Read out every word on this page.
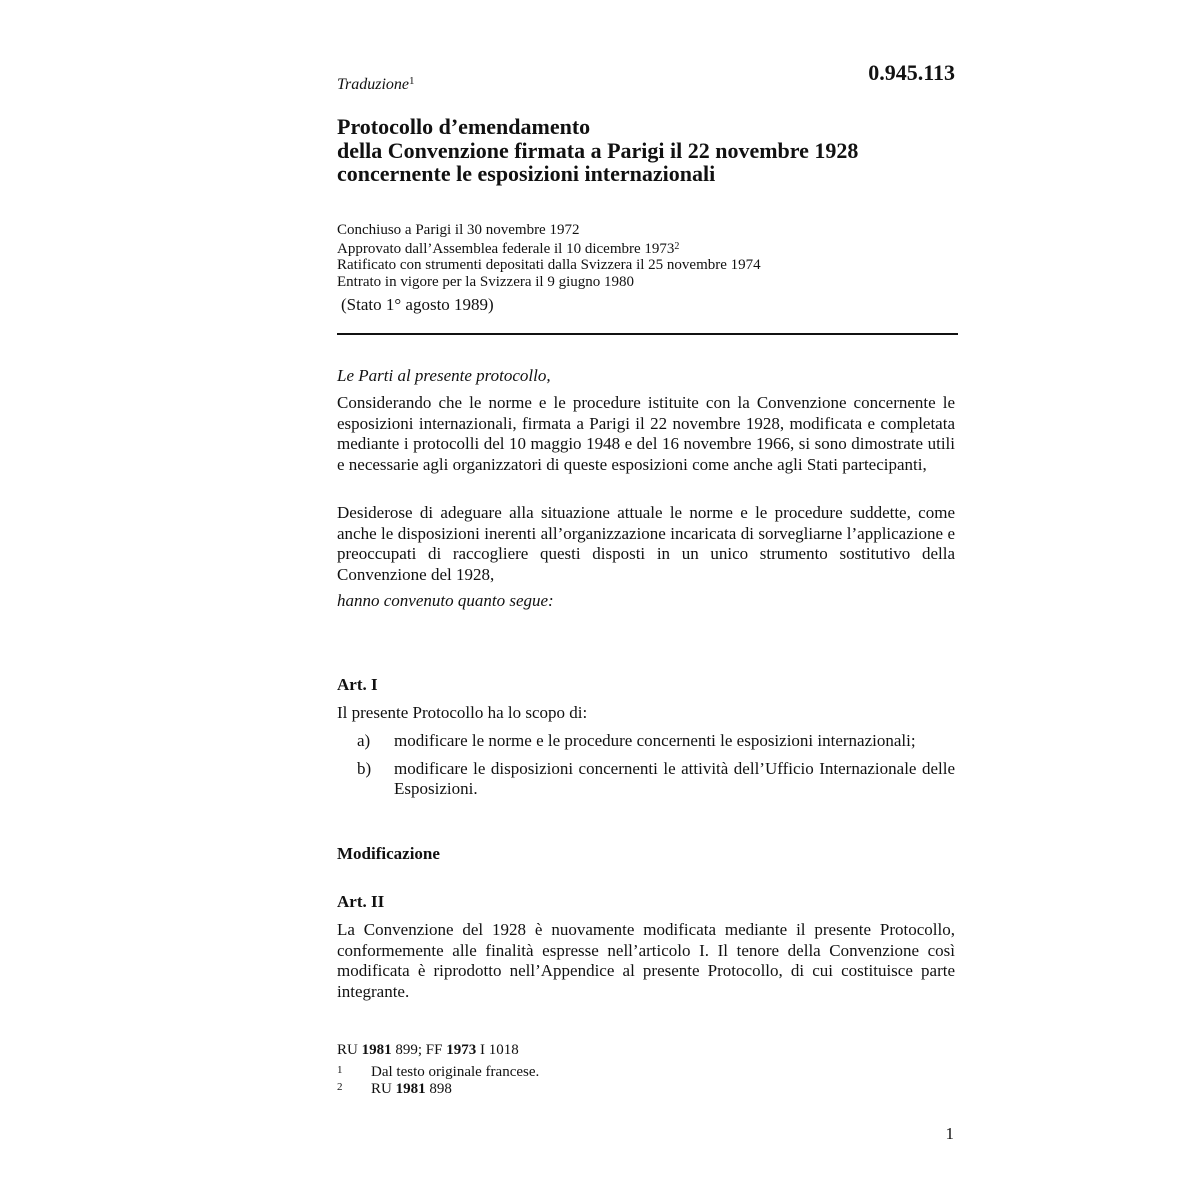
Traduzione$^1$	0.945.113
Protocollo d’emendamento
della Convenzione firmata a Parigi il 22 novembre 1928
concernente le esposizioni internazionali
Conchiuso a Parigi il 30 novembre 1972
Approvato dall’Assemblea federale il 10 dicembre 1973$^2$
Ratificato con strumenti depositati dalla Svizzera il 25 novembre 1974
Entrato in vigore per la Svizzera il 9 giugno 1980
(Stato 1° agosto 1989)
Le Parti al presente protocollo,
Considerando che le norme e le procedure istituite con la Convenzione concernente le esposizioni internazionali, firmata a Parigi il 22 novembre 1928, modificata e completata mediante i protocolli del 10 maggio 1948 e del 16 novembre 1966, si sono dimostrate utili e necessarie agli organizzatori di queste esposizioni come anche agli Stati partecipanti,
Desiderose di adeguare alla situazione attuale le norme e le procedure suddette, come anche le disposizioni inerenti all’organizzazione incaricata di sorvegliarne l’applicazione e preoccupati di raccogliere questi disposti in un unico strumento sostitutivo della Convenzione del 1928,
hanno convenuto quanto segue:
Art. I
Il presente Protocollo ha lo scopo di:
a) modificare le norme e le procedure concernenti le esposizioni internazionali;
b) modificare le disposizioni concernenti le attività dell’Ufficio Internazionale delle Esposizioni.
Modificazione
Art. II
La Convenzione del 1928 è nuovamente modificata mediante il presente Protocollo, conformemente alle finalità espresse nell’articolo I. Il tenore della Convenzione così modificata è riprodotto nell’Appendice al presente Protocollo, di cui costituisce parte integrante.
RU 1981 899; FF 1973 I 1018
1 Dal testo originale francese.
2 RU 1981 898
1
